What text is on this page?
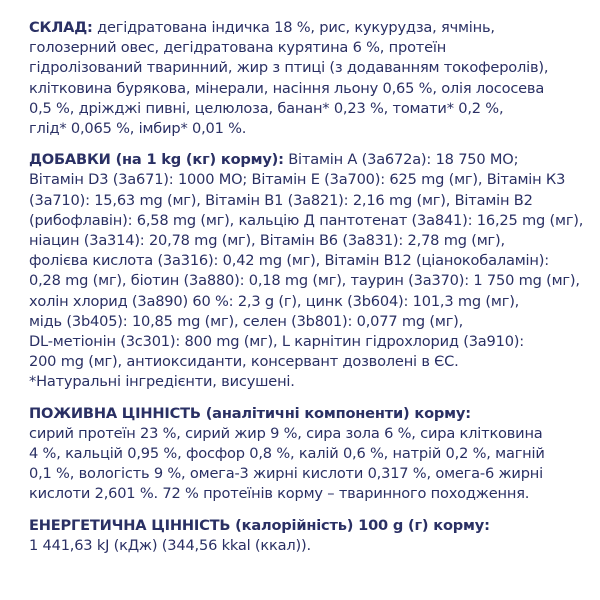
СКЛАД: дегідратована індичка 18 %, рис, кукурудза, ячмінь,
голозерний овес, дегідратована курятина 6 %, протеїн
гідролізований тваринний, жир з птиці (з додаванням токоферолів),
клітковина бурякова, мінерали, насіння льону 0,65 %, олія лососева
0,5 %, дріжджі пивні, целюлоза, банан* 0,23 %, томати* 0,2 %,
глід* 0,065 %, імбир* 0,01 %.

ДОБАВКИ (на 1 kg (кг) корму): Вітамін А (3а672а): 18 750 МО;
Вітамін D3 (3а671): 1000 МО; Вітамін Е (3а700): 625 mg (мг), Вітамін К3
(3а710): 15,63 mg (мг), Вітамін В1 (3а821): 2,16 mg (мг), Вітамін В2
(рибофлавін): 6,58 mg (мг), кальцію Д пантотенат (3а841): 16,25 mg (мг),
ніацин (3а314): 20,78 mg (мг), Вітамін В6 (3а831): 2,78 mg (мг),
фолієва кислота (3а316): 0,42 mg (мг), Вітамін В12 (ціанокобаламін):
0,28 mg (мг), біотин (3а880): 0,18 mg (мг), таурин (3а370): 1 750 mg (мг),
холін хлорид (3а890) 60 %: 2,3 g (г), цинк (3b604): 101,3 mg (мг),
мідь (3b405): 10,85 mg (мг), селен (3b801): 0,077 mg (мг),
DL-метіонін (3с301): 800 mg (мг), L карнітин гідрохлорид (3а910):
200 mg (мг), антиоксиданти, консервант дозволені в ЄС.
*Натуральні інгредієнти, висушені.

ПОЖИВНА ЦІННІСТЬ (аналітичні компоненти) корму:
сирий протеїн 23 %, сирий жир 9 %, сира зола 6 %, сира клітковина
4 %, кальцій 0,95 %, фосфор 0,8 %, калій 0,6 %, натрій 0,2 %, магній
0,1 %, вологість 9 %, омега-3 жирні кислоти 0,317 %, омега-6 жирні
кислоти 2,601 %. 72 % протеїнів корму – тваринного походження.

ЕНЕРГЕТИЧНА ЦІННІСТЬ (калорійність) 100 g (г) корму:
1 441,63 kJ (кДж) (344,56 kkal (ккал)).
